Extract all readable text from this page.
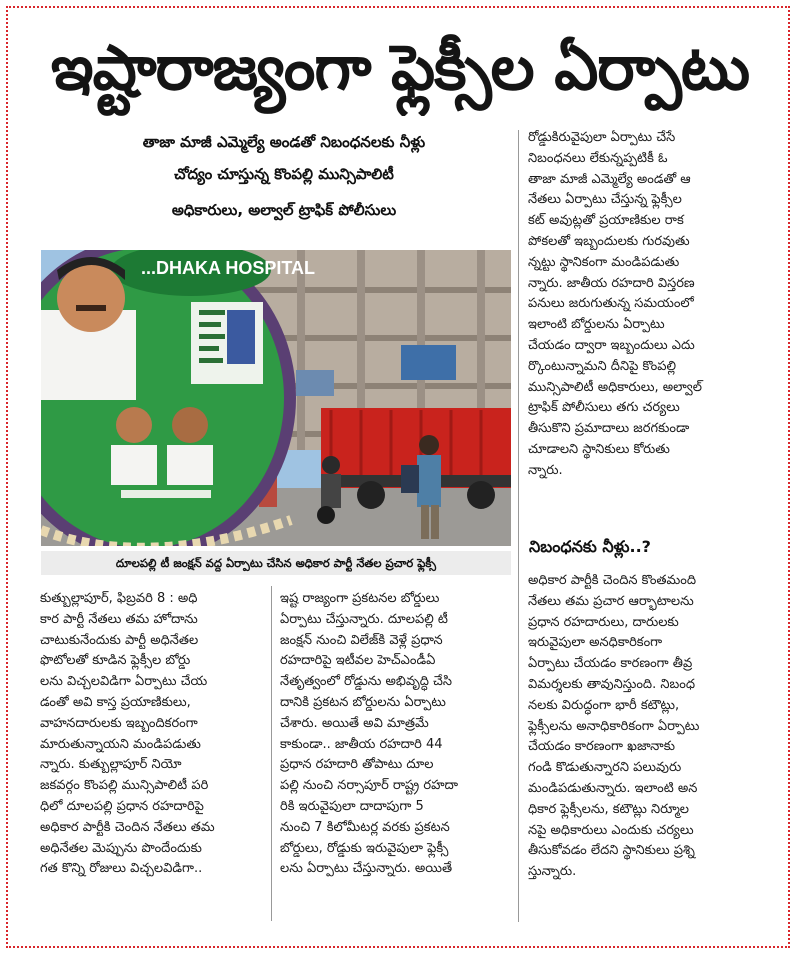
ఇష్టారాజ్యంగా ఫ్లెక్సీల ఏర్పాటు
తాజా మాజీ ఎమ్మెల్యే అండతో నిబంధనలకు నీళ్లు
చోద్యం చూస్తున్న కొంపల్లి మున్సిపాలిటీ
అధికారులు, అల్వాల్ ట్రాఫిక్ పోలీసులు
...DHAKA HOSPITAL
దూలపల్లి టీ జంక్షన్ వద్ద ఏర్పాటు చేసిన అధికార పార్టీ నేతల ప్రచార ఫ్లెక్సీ
కుత్బుల్లాపూర్, ఫిబ్రవరి 8 : అధి
కార పార్టీ నేతలు తమ హోదాను
చాటుకునేందుకు పార్టీ అధినేతల
ఫొటోలతో కూడిన ఫ్లెక్సీల బోర్డు
లను విచ్చలవిడిగా ఏర్పాటు చేయ
డంతో అవి కాస్త ప్రయాణికులు,
వాహనదారులకు ఇబ్బందికరంగా
మారుతున్నాయని మండిపడుతు
న్నారు. కుత్బుల్లాపూర్ నియో
జకవర్గం కొంపల్లి మున్సిపాలిటీ పరి
ధిలో దూలపల్లి ప్రధాన రహదారిపై
అధికార పార్టీకి చెందిన నేతలు తమ
అధినేతల మెప్పును పొందేందుకు
గత కొన్ని రోజులు విచ్చలవిడిగా..
ఇష్ట రాజ్యంగా ప్రకటనల బోర్డులు
ఏర్పాటు చేస్తున్నారు. దూలపల్లి టీ
జంక్షన్ నుంచి విలేజ్‌కి వెళ్లే ప్రధాన
రహదారిపై ఇటీవల హెచ్‌ఎండీఏ
నేతృత్వంలో రోడ్డును అభివృద్ధి చేసి
దానికి ప్రకటన బోర్డులను ఏర్పాటు
చేశారు. అయితే అవి మాత్రమే
కాకుండా.. జాతీయ రహదారి 44
ప్రధాన రహదారి తోపాటు దూల
పల్లి నుంచి నర్సాపూర్ రాష్ట్ర రహదా
రికి ఇరువైపులా దాదాపుగా 5
నుంచి 7 కిలోమీటర్ల వరకు ప్రకటన
బోర్డులు, రోడ్డుకు ఇరువైపులా ఫ్లెక్సీ
లను ఏర్పాటు చేస్తున్నారు. అయితే
రోడ్డుకిరువైపులా ఏర్పాటు చేసే
నిబంధనలు లేకున్నప్పటికీ ఓ
తాజా మాజీ ఎమ్మెల్యే అండతో ఆ
నేతలు ఏర్పాటు చేస్తున్న ఫ్లెక్సీల
కట్ అవుట్లతో ప్రయాణికుల రాక
పోకలతో ఇబ్బందులకు గురవుతు
న్నట్టు స్థానికంగా మండిపడుతు
న్నారు. జాతీయ రహదారి విస్తరణ
పనులు జరుగుతున్న సమయంలో
ఇలాంటి బోర్డులను ఏర్పాటు
చేయడం ద్వారా ఇబ్బందులు ఎదు
ర్కొంటున్నామని దీనిపై కొంపల్లి
మున్సిపాలిటీ అధికారులు, అల్వాల్
ట్రాఫిక్ పోలీసులు తగు చర్యలు
తీసుకొని ప్రమాదాలు జరగకుండా
చూడాలని స్థానికులు కోరుతు
న్నారు.
నిబంధనకు నీళ్లు..?
అధికార పార్టీకి చెందిన కొంతమంది
నేతలు తమ ప్రచార ఆర్భాటాలను
ప్రధాన రహదారులు, దారులకు
ఇరువైపులా అనధికారికంగా
ఏర్పాటు చేయడం కారణంగా తీవ్ర
విమర్శలకు తావునిస్తుంది. నిబంధ
నలకు విరుద్ధంగా భారీ కటౌట్లు,
ఫ్లెక్సీలను అనాధికారికంగా ఏర్పాటు
చేయడం కారణంగా ఖజానాకు
గండి కొడుతున్నారని పలువురు
మండిపడుతున్నారు. ఇలాంటి అన
ధికార ఫ్లెక్సీలను, కటౌట్లు నిర్మూల
నపై అధికారులు ఎందుకు చర్యలు
తీసుకోవడం లేదని స్థానికులు ప్రశ్ని
స్తున్నారు.
